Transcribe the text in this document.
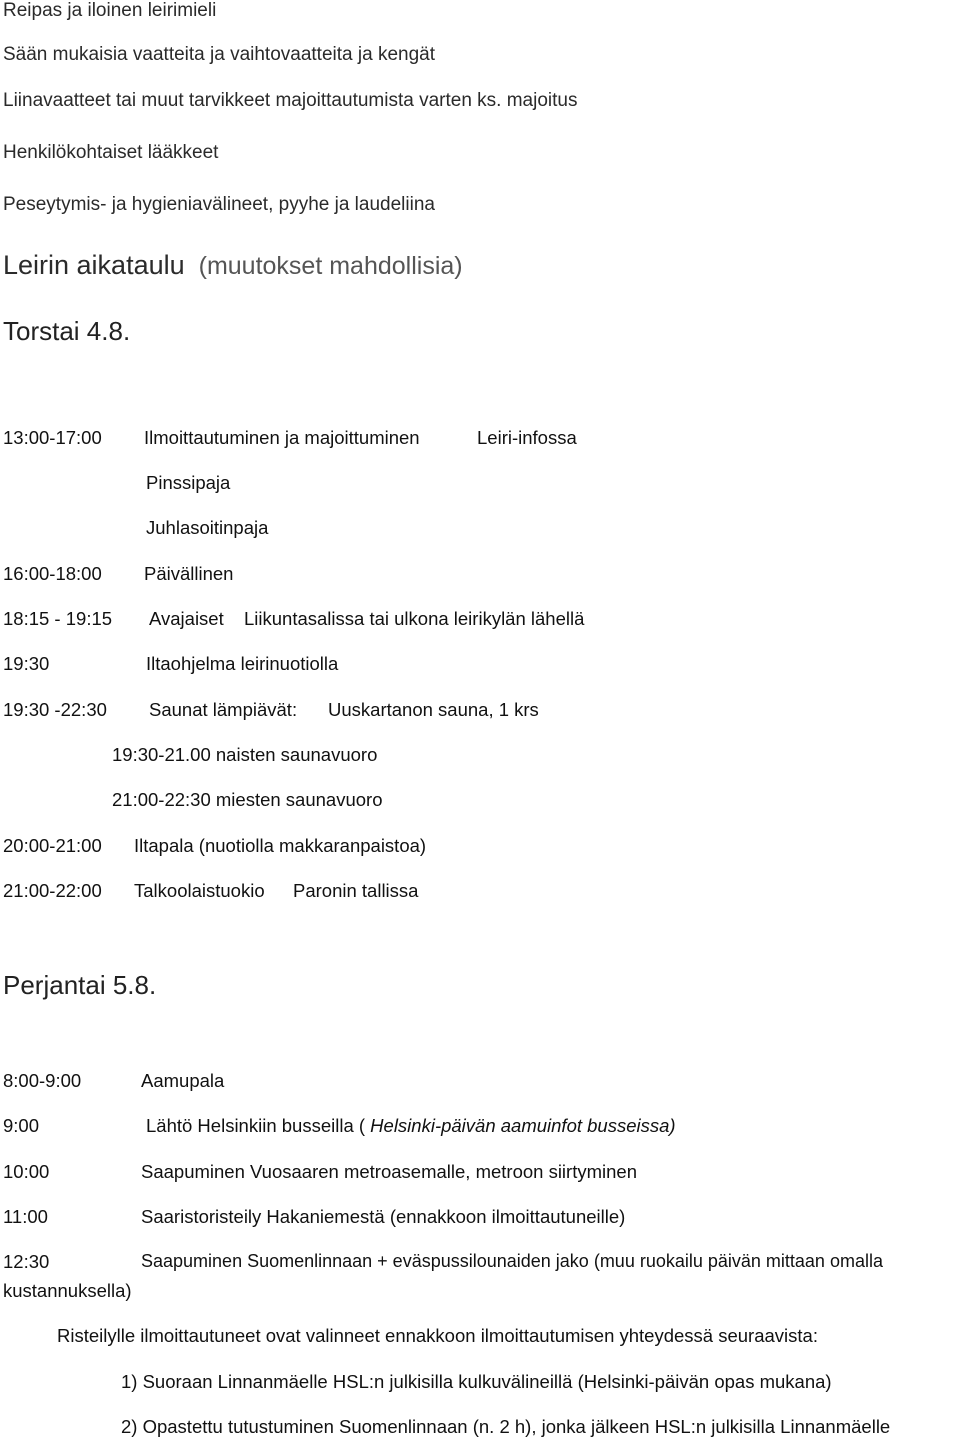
Reipas ja iloinen leirimieli
Sään mukaisia vaatteita ja vaihtovaatteita ja kengät
Liinavaatteet tai muut tarvikkeet majoittautumista varten ks. majoitus
Henkilökohtaiset lääkkeet
Peseytymis- ja hygieniavälineet, pyyhe ja laudeliina
Leirin aikataulu (muutokset mahdollisia)
Torstai 4.8.
13:00-17:00 Ilmoittautuminen ja majoittuminen	Leiri-infossa
Pinssipaja
Juhlasoitinpaja
16:00-18:00 Päivällinen
18:15 - 19:15 Avajaiset Liikuntasalissa tai ulkona leirikylän lähellä
19:30	Iltaohjelma leirinuotiolla
19:30 -22:30 Saunat lämpiävät: Uuskartanon sauna, 1 krs
19:30-21.00 naisten saunavuoro
21:00-22:30 miesten saunavuoro
20:00-21:00 Iltapala (nuotiolla makkaranpaistoa)
21:00-22:00 Talkoolaistuokio Paronin tallissa
Perjantai 5.8.
8:00-9:00	Aamupala
9:00	Lähtö Helsinkiin busseilla ( Helsinki-päivän aamuinfot busseissa)
10:00	Saapuminen Vuosaaren metroasemalle, metroon siirtyminen
11:00	Saaristoristeily Hakaniemestä (ennakkoon ilmoittautuneille)
12:30	Saapuminen Suomenlinnaan + eväspussilounaiden jako (muu ruokailu päivän mittaan omalla
kustannuksella)
Risteilylle ilmoittautuneet ovat valinneet ennakkoon ilmoittautumisen yhteydessä seuraavista:
1) Suoraan Linnanmäelle HSL:n julkisilla kulkuvälineillä (Helsinki-päivän opas mukana)
2) Opastettu tutustuminen Suomenlinnaan (n. 2 h), jonka jälkeen HSL:n julkisilla Linnanmäelle
